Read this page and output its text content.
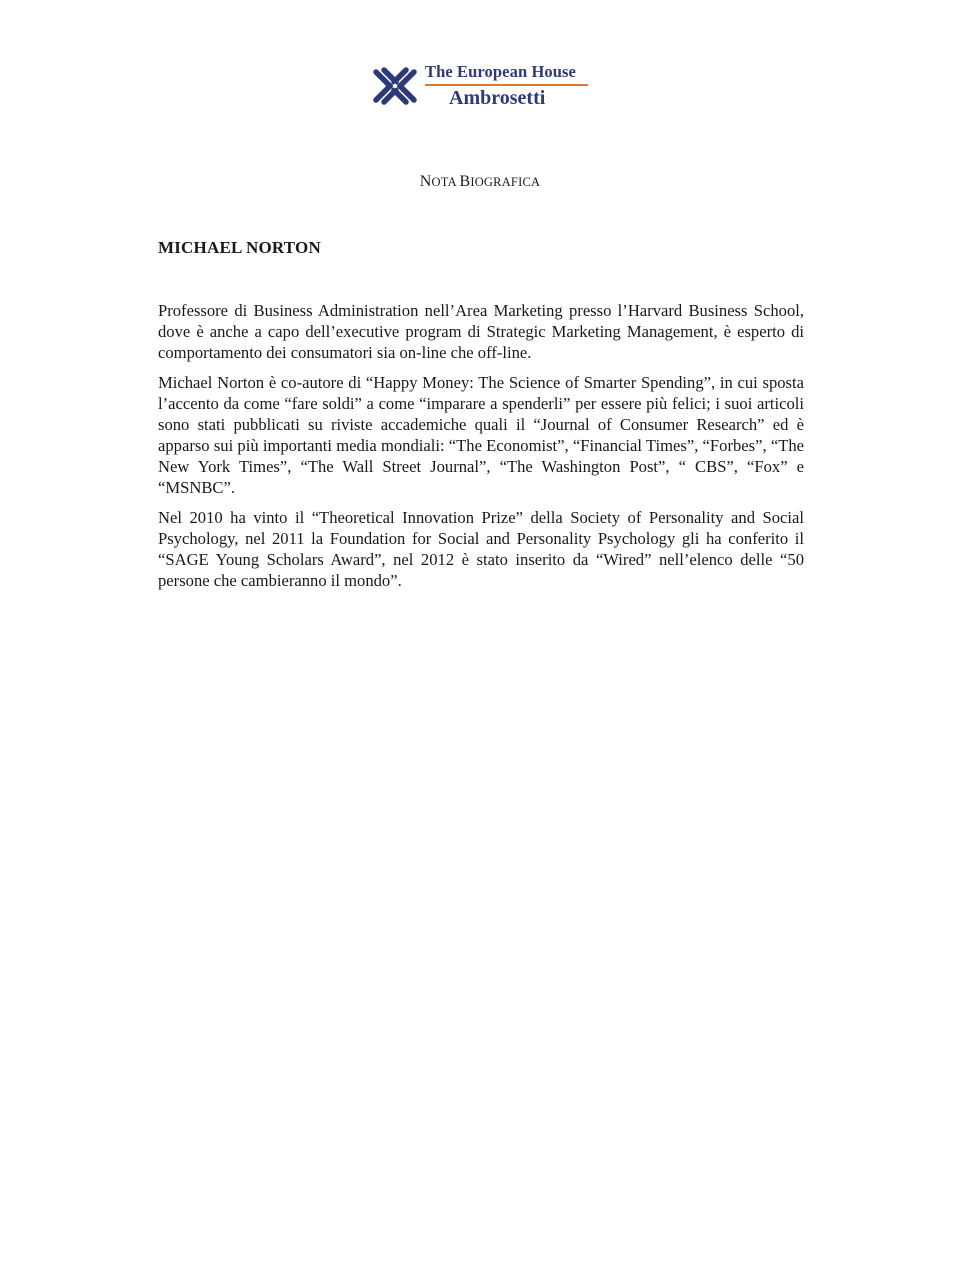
The European House
Ambrosetti
NOTA BIOGRAFICA
MICHAEL NORTON

Professore di Business Administration nell’Area Marketing presso l’Harvard Business School, dove è anche a capo dell’executive program di Strategic Marketing Management, è esperto di comportamento dei consumatori sia on-line che off-line.

Michael Norton è co-autore di “Happy Money: The Science of Smarter Spending”, in cui sposta l’accento da come “fare soldi” a come “imparare a spenderli” per essere più felici; i suoi articoli sono stati pubblicati su riviste accademiche quali il “Journal of Consumer Research” ed è apparso sui più importanti media mondiali: “The Economist”, “Financial Times”, “Forbes”, “The New York Times”, “The Wall Street Journal”, “The Washington Post”, “ CBS”, “Fox” e “MSNBC”.

Nel 2010 ha vinto il “Theoretical Innovation Prize” della Society of Personality and Social Psychology, nel 2011 la Foundation for Social and Personality Psychology gli ha conferito il “SAGE Young Scholars Award”, nel 2012 è stato inserito da “Wired” nell’elenco delle “50 persone che cambieranno il mondo”.
